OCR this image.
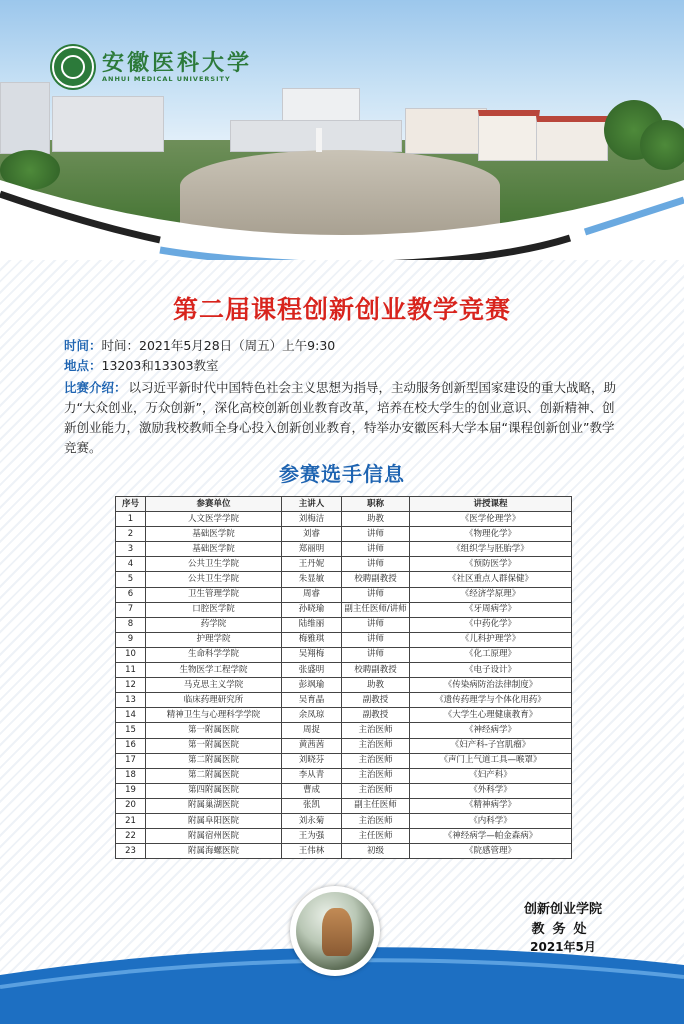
安徽医科大学
ANHUI MEDICAL UNIVERSITY
第二届课程创新创业教学竞赛
时间：时间：2021年5月28日（周五）上午9:30
地点：13203和13303教室
比赛介绍： 以习近平新时代中国特色社会主义思想为指导，主动服务创新型国家建设的重大战略，助力“大众创业，万众创新”，深化高校创新创业教育改革，培养在校大学生的创业意识、创新精神、创新创业能力，激励我校教师全身心投入创新创业教育，特举办安徽医科大学本届“课程创新创业”教学竞赛。
参赛选手信息
序号	参赛单位	主讲人	职称	讲授课程
1	人文医学学院	刘梅洁	助教	《医学伦理学》
2	基础医学院	刘睿	讲师	《物理化学》
3	基础医学院	郑丽明	讲师	《组织学与胚胎学》
4	公共卫生学院	王丹妮	讲师	《预防医学》
5	公共卫生学院	朱显敏	校聘副教授	《社区重点人群保健》
6	卫生管理学院	周睿	讲师	《经济学原理》
7	口腔医学院	孙晓瑜	副主任医师/讲师	《牙周病学》
8	药学院	陆维丽	讲师	《中药化学》
9	护理学院	梅雅琪	讲师	《儿科护理学》
10	生命科学学院	吴翔梅	讲师	《化工原理》
11	生物医学工程学院	张盛明	校聘副教授	《电子设计》
12	马克思主义学院	彭飒瑜	助教	《传染病防治法律制度》
13	临床药理研究所	吴育晶	副教授	《遗传药理学与个体化用药》
14	精神卫生与心理科学学院	余凤琼	副教授	《大学生心理健康教育》
15	第一附属医院	周捉	主治医师	《神经病学》
16	第一附属医院	黄茜茜	主治医师	《妇产科-子宫肌瘤》
17	第二附属医院	刘晓芬	主治医师	《声门上气道工具—喉罩》
18	第二附属医院	李从青	主治医师	《妇产科》
19	第四附属医院	曹成	主治医师	《外科学》
20	附属巢湖医院	张凯	副主任医师	《精神病学》
21	附属阜阳医院	刘永菊	主治医师	《内科学》
22	附属宿州医院	王为强	主任医师	《神经病学—帕金森病》
23	附属海螺医院	王伟林	初级	《院感管理》
创新创业学院
教务处
2021年5月
